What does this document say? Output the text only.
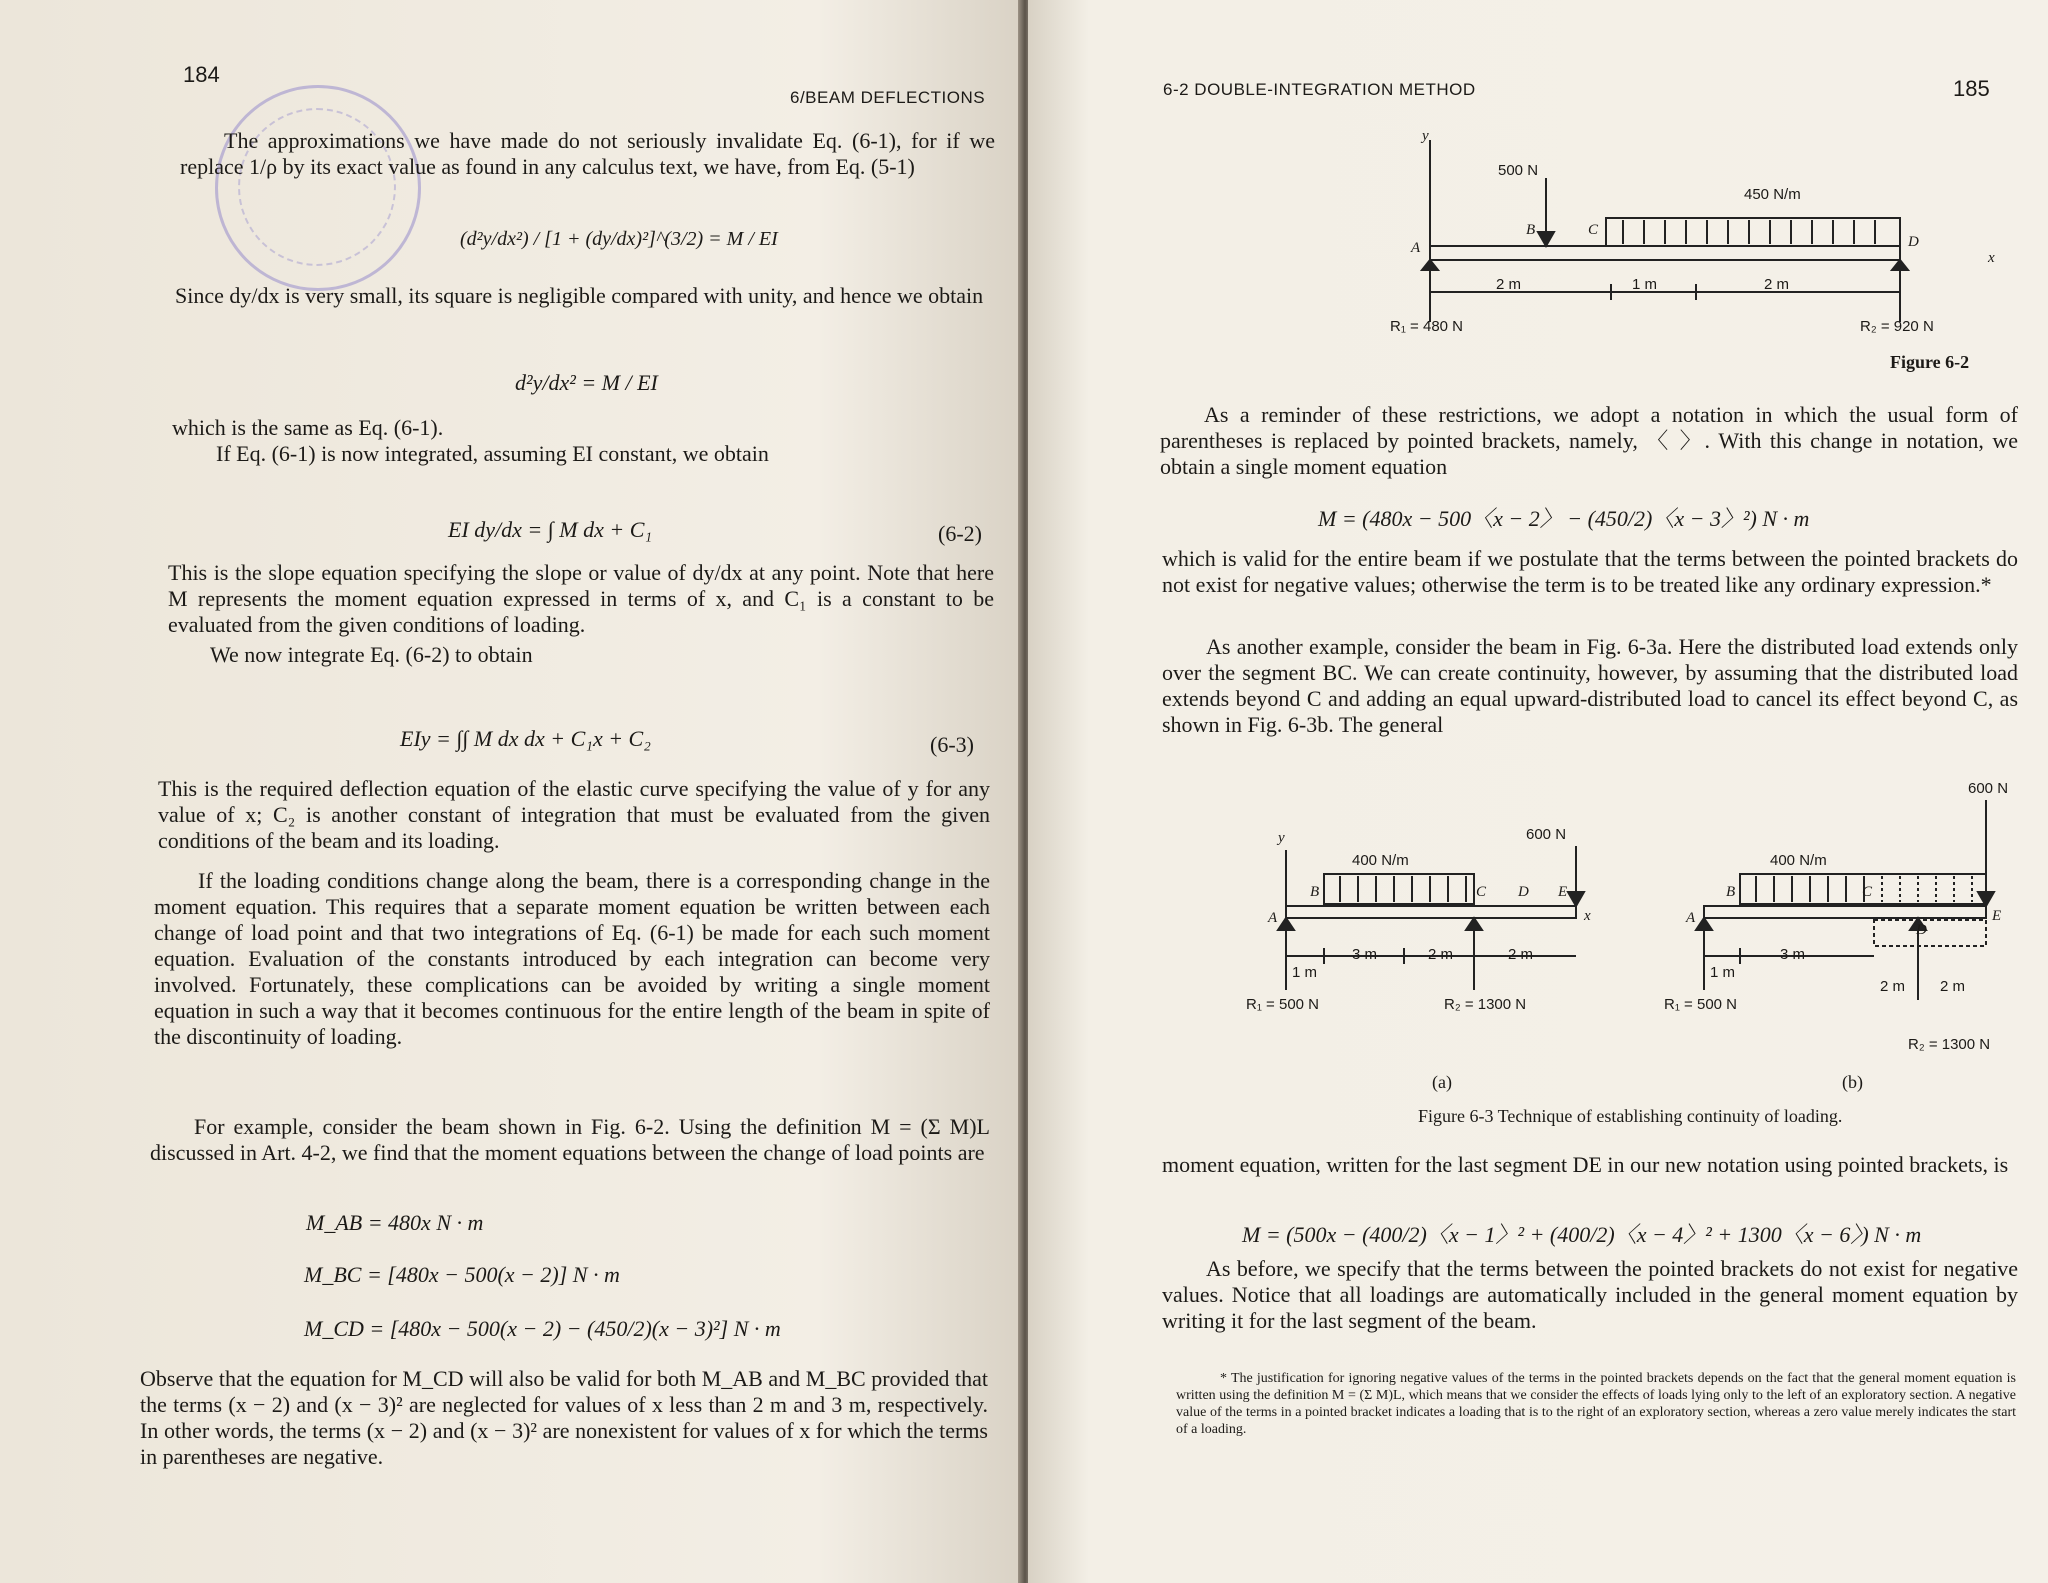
184
6/BEAM DEFLECTIONS
The approximations we have made do not seriously invalidate Eq. (6-1), for if we replace 1/ρ by its exact value as found in any calculus text, we have, from Eq. (5-1)
(d²y/dx²) / [1 + (dy/dx)²]^(3/2) = M / EI
Since dy/dx is very small, its square is negligible compared with unity, and hence we obtain
d²y/dx² = M / EI
which is the same as Eq. (6-1).
If Eq. (6-1) is now integrated, assuming EI constant, we obtain
EI dy/dx = ∫ M dx + C₁	(6-2)
This is the slope equation specifying the slope or value of dy/dx at any point. Note that here M represents the moment equation expressed in terms of x, and C₁ is a constant to be evaluated from the given conditions of loading.
We now integrate Eq. (6-2) to obtain
EIy = ∫∫ M dx dx + C₁x + C₂	(6-3)
This is the required deflection equation of the elastic curve specifying the value of y for any value of x; C₂ is another constant of integration that must be evaluated from the given conditions of the beam and its loading.
If the loading conditions change along the beam, there is a corresponding change in the moment equation. This requires that a separate moment equation be written between each change of load point and that two integrations of Eq. (6-1) be made for each such moment equation. Evaluation of the constants introduced by each integration can become very involved. Fortunately, these complications can be avoided by writing a single moment equation in such a way that it becomes continuous for the entire length of the beam in spite of the discontinuity of loading.
For example, consider the beam shown in Fig. 6-2. Using the definition M = (Σ M)L discussed in Art. 4-2, we find that the moment equations between the change of load points are
M_AB = 480x N · m
M_BC = [480x − 500(x − 2)] N · m
M_CD = [480x − 500(x − 2) − (450/2)(x − 3)²] N · m
Observe that the equation for M_CD will also be valid for both M_AB and M_BC provided that the terms (x − 2) and (x − 3)² are neglected for values of x less than 2 m and 3 m, respectively. In other words, the terms (x − 2) and (x − 3)² are nonexistent for values of x for which the terms in parentheses are negative.
6-2 DOUBLE-INTEGRATION METHOD	185
y
x
500 N
450 N/m
A
B	C
D
2 m	1 m	2 m
R₁ = 480 N	R₂ = 920 N
Figure 6-2
As a reminder of these restrictions, we adopt a notation in which the usual form of parentheses is replaced by pointed brackets, namely, 〈 〉. With this change in notation, we obtain a single moment equation
M = (480x − 500〈x − 2〉 − (450/2)〈x − 3〉²) N · m
which is valid for the entire beam if we postulate that the terms between the pointed brackets do not exist for negative values; otherwise the term is to be treated like any ordinary expression.*
As another example, consider the beam in Fig. 6-3a. Here the distributed load extends only over the segment BC. We can create continuity, however, by assuming that the distributed load extends beyond C and adding an equal upward-distributed load to cancel its effect beyond C, as shown in Fig. 6-3b. The general
y
x
400 N/m
600 N
A
B	C D E
1 m
3 m	2 m	2 m
R₁ = 500 N	R₂ = 1300 N
(a)
400 N/m
600 N
A
B	C
D
E
1 m
3 m
2 m 2 m
R₁ = 500 N
R₂ = 1300 N
(b)
Figure 6-3 Technique of establishing continuity of loading.
moment equation, written for the last segment DE in our new notation using pointed brackets, is
M = (500x − (400/2)〈x − 1〉² + (400/2)〈x − 4〉² + 1300〈x − 6〉) N · m
As before, we specify that the terms between the pointed brackets do not exist for negative values. Notice that all loadings are automatically included in the general moment equation by writing it for the last segment of the beam.
* The justification for ignoring negative values of the terms in the pointed brackets depends on the fact that the general moment equation is written using the definition M = (Σ M)L, which means that we consider the effects of loads lying only to the left of an exploratory section. A negative value of the terms in a pointed bracket indicates a loading that is to the right of an exploratory section, whereas a zero value merely indicates the start of a loading.
